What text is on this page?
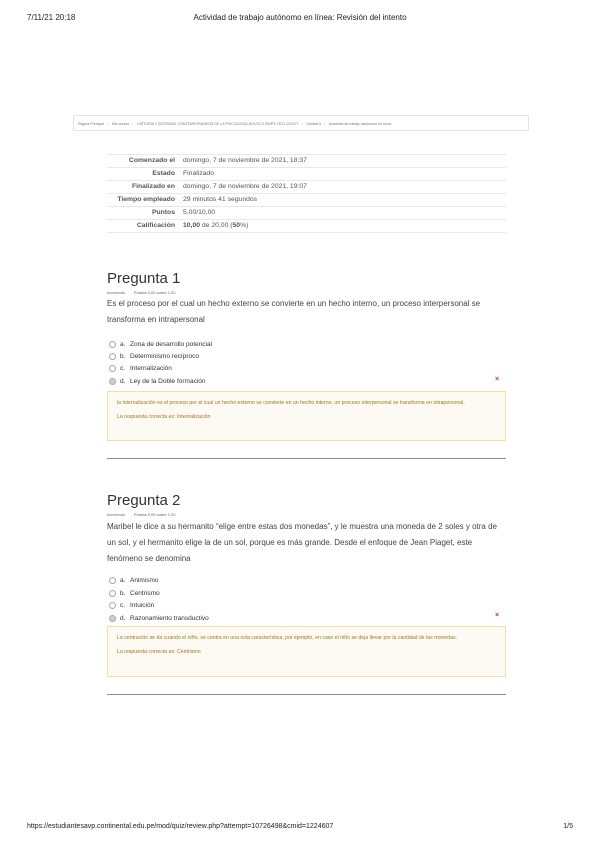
7/11/21 20:18	Actividad de trabajo autónomo en línea: Revisión del intento
Página Principal / Mis cursos / HISTORIA Y SISTEMAS CONTEMPORÁNEOS DE LA PSICOLOGÍA-NOVIC-D SWPS-TE21-202127 / Unidad 3 / Actividad de trabajo autónomo en línea
Comenzado el	domingo, 7 de noviembre de 2021, 18:37
Estado	Finalizado
Finalizado en	domingo, 7 de noviembre de 2021, 19:07
Tiempo empleado	29 minutos 41 segundos
Puntos	5,00/10,00
Calificación	10,00 de 20,00 (50%)
Pregunta 1
Incorrecta Puntúa 0,00 sobre 1,00
Es el proceso por el cual un hecho externo se convierte en un hecho interno, un proceso interpersonal se transforma en intrapersonal
a. Zona de desarrollo potencial
b. Determinismo recíproco
c. Internalización
d. Ley de la Doble formación	×
la internalización es el proceso por el cual un hecho externo se convierte en un hecho interno, un proceso interpersonal se transforma en intrapersonal.
La respuesta correcta es: Internalización
Pregunta 2
Incorrecta Puntúa 0,00 sobre 1,00
Maribel le dice a su hermanito “elige entre estas dos monedas”, y le muestra una moneda de 2 soles y otra de un sol, y el hermanito elige la de un sol, porque es más grande. Desde el enfoque de Jean Piaget, este fenómeno se denomina
a. Animismo
b. Centrismo
c. Intuición
d. Razonamiento transductivo	×
La centración se da cuando el niño, se centra en una sola característica, por ejemplo, en caso el niño se deja llevar por la cantidad de las monedas.
La respuesta correcta es: Centrismo
https://estudiantesavp.continental.edu.pe/mod/quiz/review.php?attempt=10726498&cmid=1224607	1/5
